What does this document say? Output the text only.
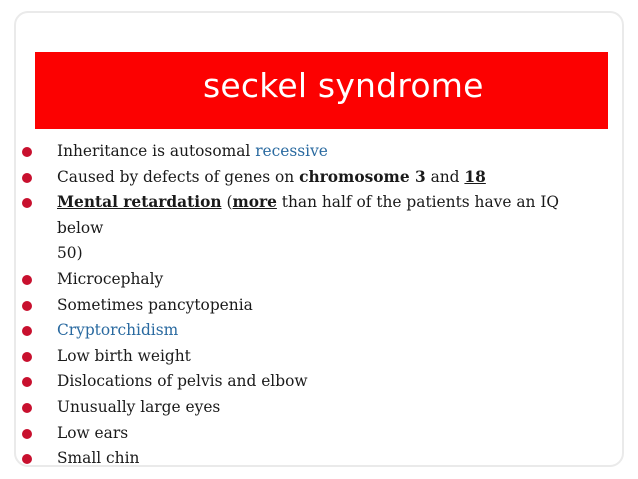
seckel syndrome
Inheritance is autosomal recessive
Caused by defects of genes on chromosome 3 and 18
Mental retardation (more than half of the patients have an IQ below
50)
Microcephaly
Sometimes pancytopenia
Cryptorchidism
Low birth weight
Dislocations of pelvis and elbow
Unusually large eyes
Low ears
Small chin
